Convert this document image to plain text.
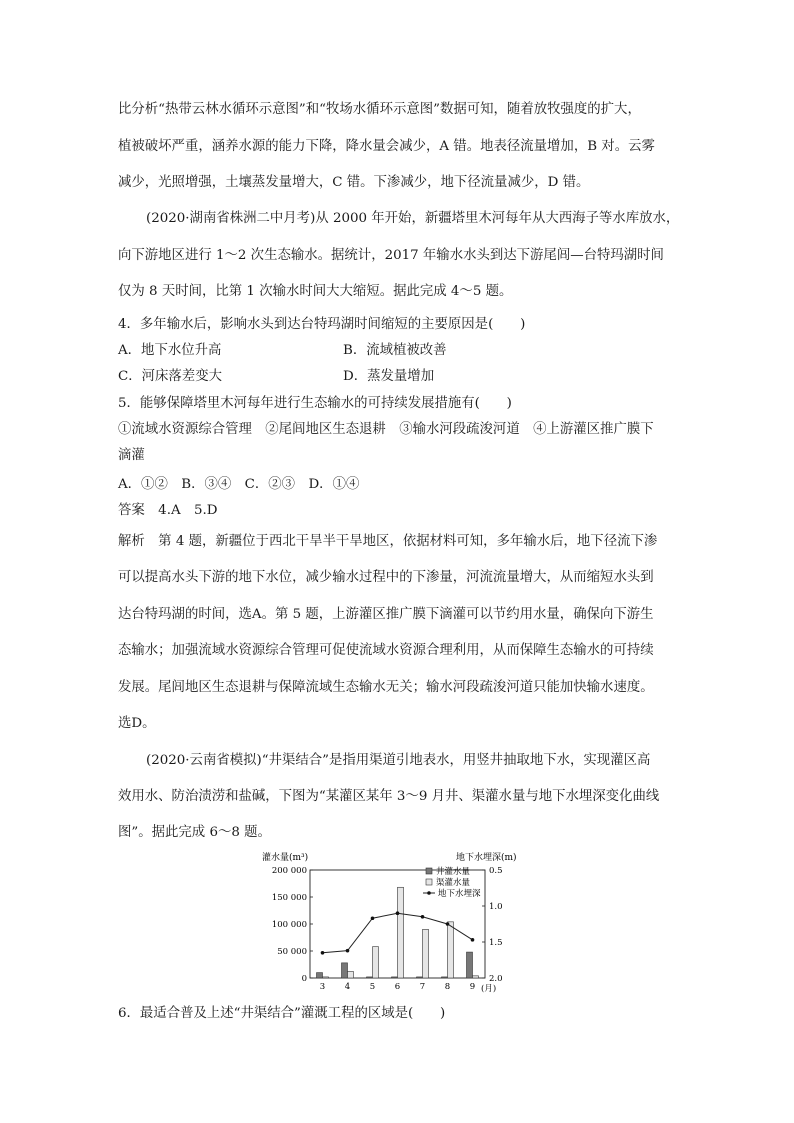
比分析“热带云林水循环示意图”和“牧场水循环示意图”数据可知，随着放牧强度的扩大，
植被破坏严重，涵养水源的能力下降，降水量会减少，A 错。地表径流量增加，B 对。云雾
减少，光照增强，土壤蒸发量增大，C 错。下渗减少，地下径流量减少，D 错。
(2020·湖南省株洲二中月考)从 2000 年开始，新疆塔里木河每年从大西海子等水库放水，
向下游地区进行 1～2 次生态输水。据统计，2017 年输水水头到达下游尾闾—台特玛湖时间
仅为 8 天时间，比第 1 次输水时间大大缩短。据此完成 4～5 题。
4．多年输水后，影响水头到达台特玛湖时间缩短的主要原因是(　　)
A．地下水位升高	B．流域植被改善
C．河床落差变大	D．蒸发量增加
5．能够保障塔里木河每年进行生态输水的可持续发展措施有(　　)
①流域水资源综合管理　②尾闾地区生态退耕　③输水河段疏浚河道　④上游灌区推广膜下
滴灌
A．①②　B．③④　C．②③　D．①④
答案　4.A　5.D
解析　第 4 题，新疆位于西北干旱半干旱地区，依据材料可知，多年输水后，地下径流下渗
可以提高水头下游的地下水位，减少输水过程中的下渗量，河流流量增大，从而缩短水头到
达台特玛湖的时间，选A。第 5 题，上游灌区推广膜下滴灌可以节约用水量，确保向下游生
态输水；加强流域水资源综合管理可促使流域水资源合理利用，从而保障生态输水的可持续
发展。尾闾地区生态退耕与保障流域生态输水无关；输水河段疏浚河道只能加快输水速度。
选D。
(2020·云南省模拟)“井渠结合”是指用渠道引地表水，用竖井抽取地下水，实现灌区高
效用水、防治渍涝和盐碱，下图为“某灌区某年 3～9 月井、渠灌水量与地下水埋深变化曲线
图”。据此完成 6～8 题。
灌水量(m³)	地下水埋深(m)
0
50 000
100 000
150 000
200 000	0.5
1.0
1.5
2.0
3 4 5 6 7 8 9 (月)
井灌水量
渠灌水量
地下水埋深
6．最适合普及上述“井渠结合”灌溉工程的区域是(　　)
